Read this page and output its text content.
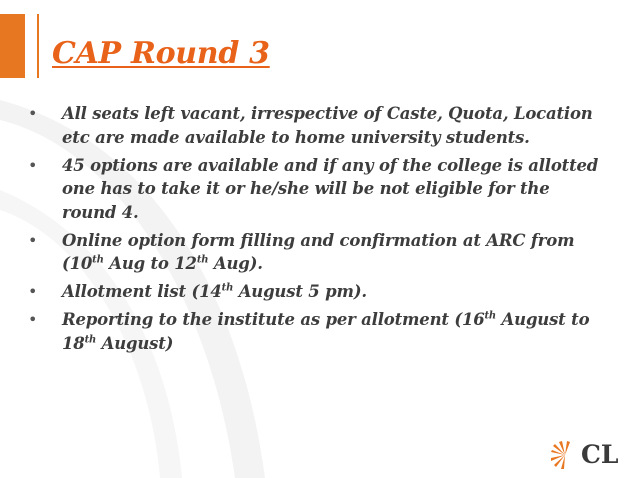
CAP Round 3
• All seats left vacant, irrespective of Caste, Quota, Location etc are made available to home university students.
• 45 options are available and if any of the college is allotted one has to take it or he/she will be not eligible for the round 4.
• Online option form filling and confirmation at ARC from (10th Aug to 12th Aug).
• Allotment list (14th August 5 pm).
• Reporting to the institute as per allotment (16th August to 18th August)
CL
